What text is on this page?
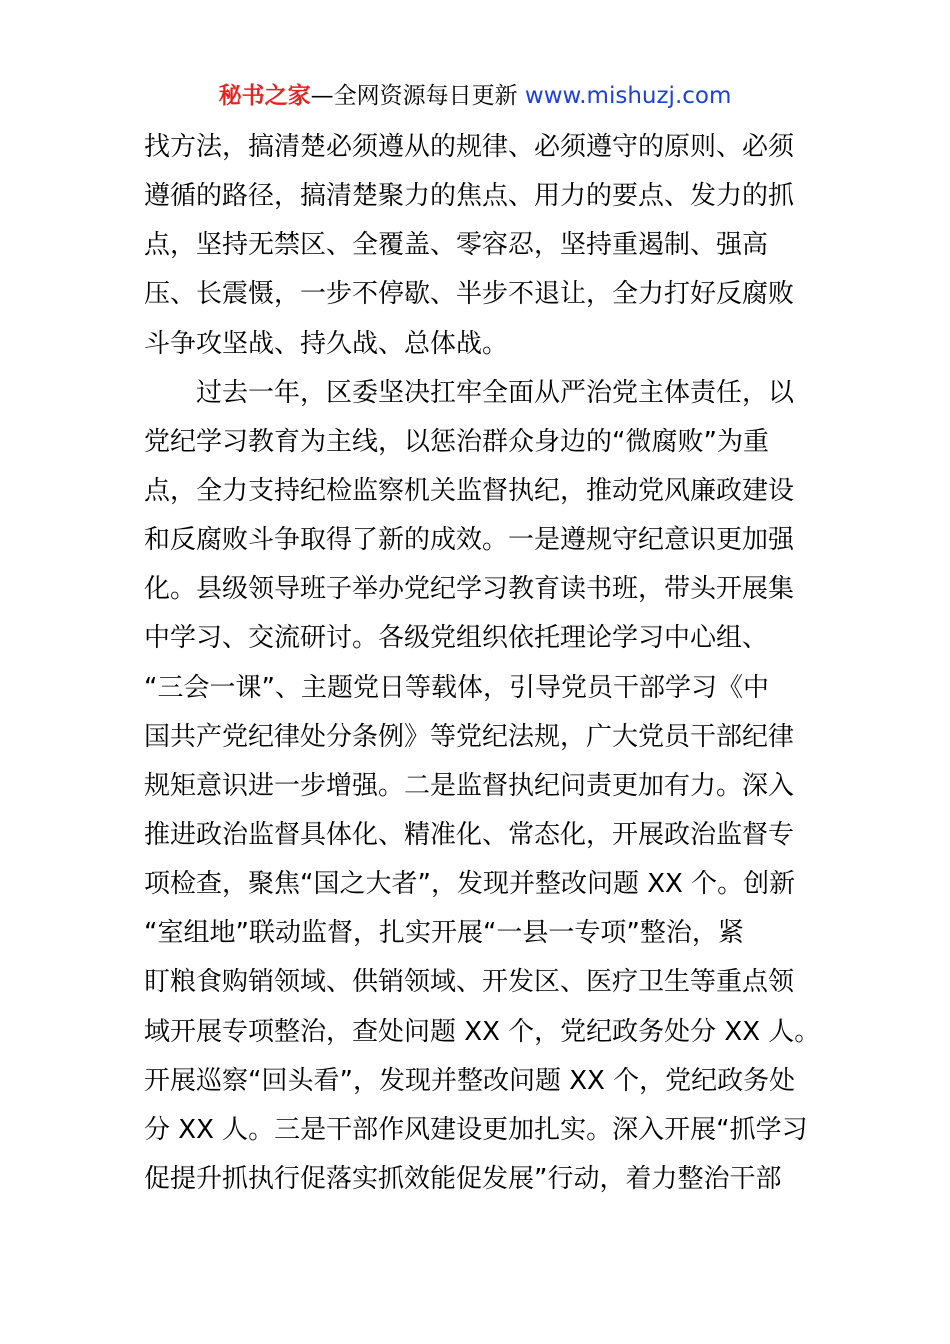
秘书之家—全网资源每日更新 www.mishuzj.com
找方法，搞清楚必须遵从的规律、必须遵守的原则、必须
遵循的路径，搞清楚聚力的焦点、用力的要点、发力的抓
点，坚持无禁区、全覆盖、零容忍，坚持重遏制、强高
压、长震慑，一步不停歇、半步不退让，全力打好反腐败
斗争攻坚战、持久战、总体战。
过去一年，区委坚决扛牢全面从严治党主体责任，以
党纪学习教育为主线，以惩治群众身边的“微腐败”为重
点，全力支持纪检监察机关监督执纪，推动党风廉政建设
和反腐败斗争取得了新的成效。一是遵规守纪意识更加强
化。县级领导班子举办党纪学习教育读书班，带头开展集
中学习、交流研讨。各级党组织依托理论学习中心组、
“三会一课”、主题党日等载体，引导党员干部学习《中
国共产党纪律处分条例》等党纪法规，广大党员干部纪律
规矩意识进一步增强。二是监督执纪问责更加有力。深入
推进政治监督具体化、精准化、常态化，开展政治监督专
项检查，聚焦“国之大者”，发现并整改问题 XX 个。创新
“室组地”联动监督，扎实开展“一县一专项”整治，紧
盯粮食购销领域、供销领域、开发区、医疗卫生等重点领
域开展专项整治，查处问题 XX 个，党纪政务处分 XX 人。
开展巡察“回头看”，发现并整改问题 XX 个，党纪政务处
分 XX 人。三是干部作风建设更加扎实。深入开展“抓学习
促提升抓执行促落实抓效能促发展”行动，着力整治干部
